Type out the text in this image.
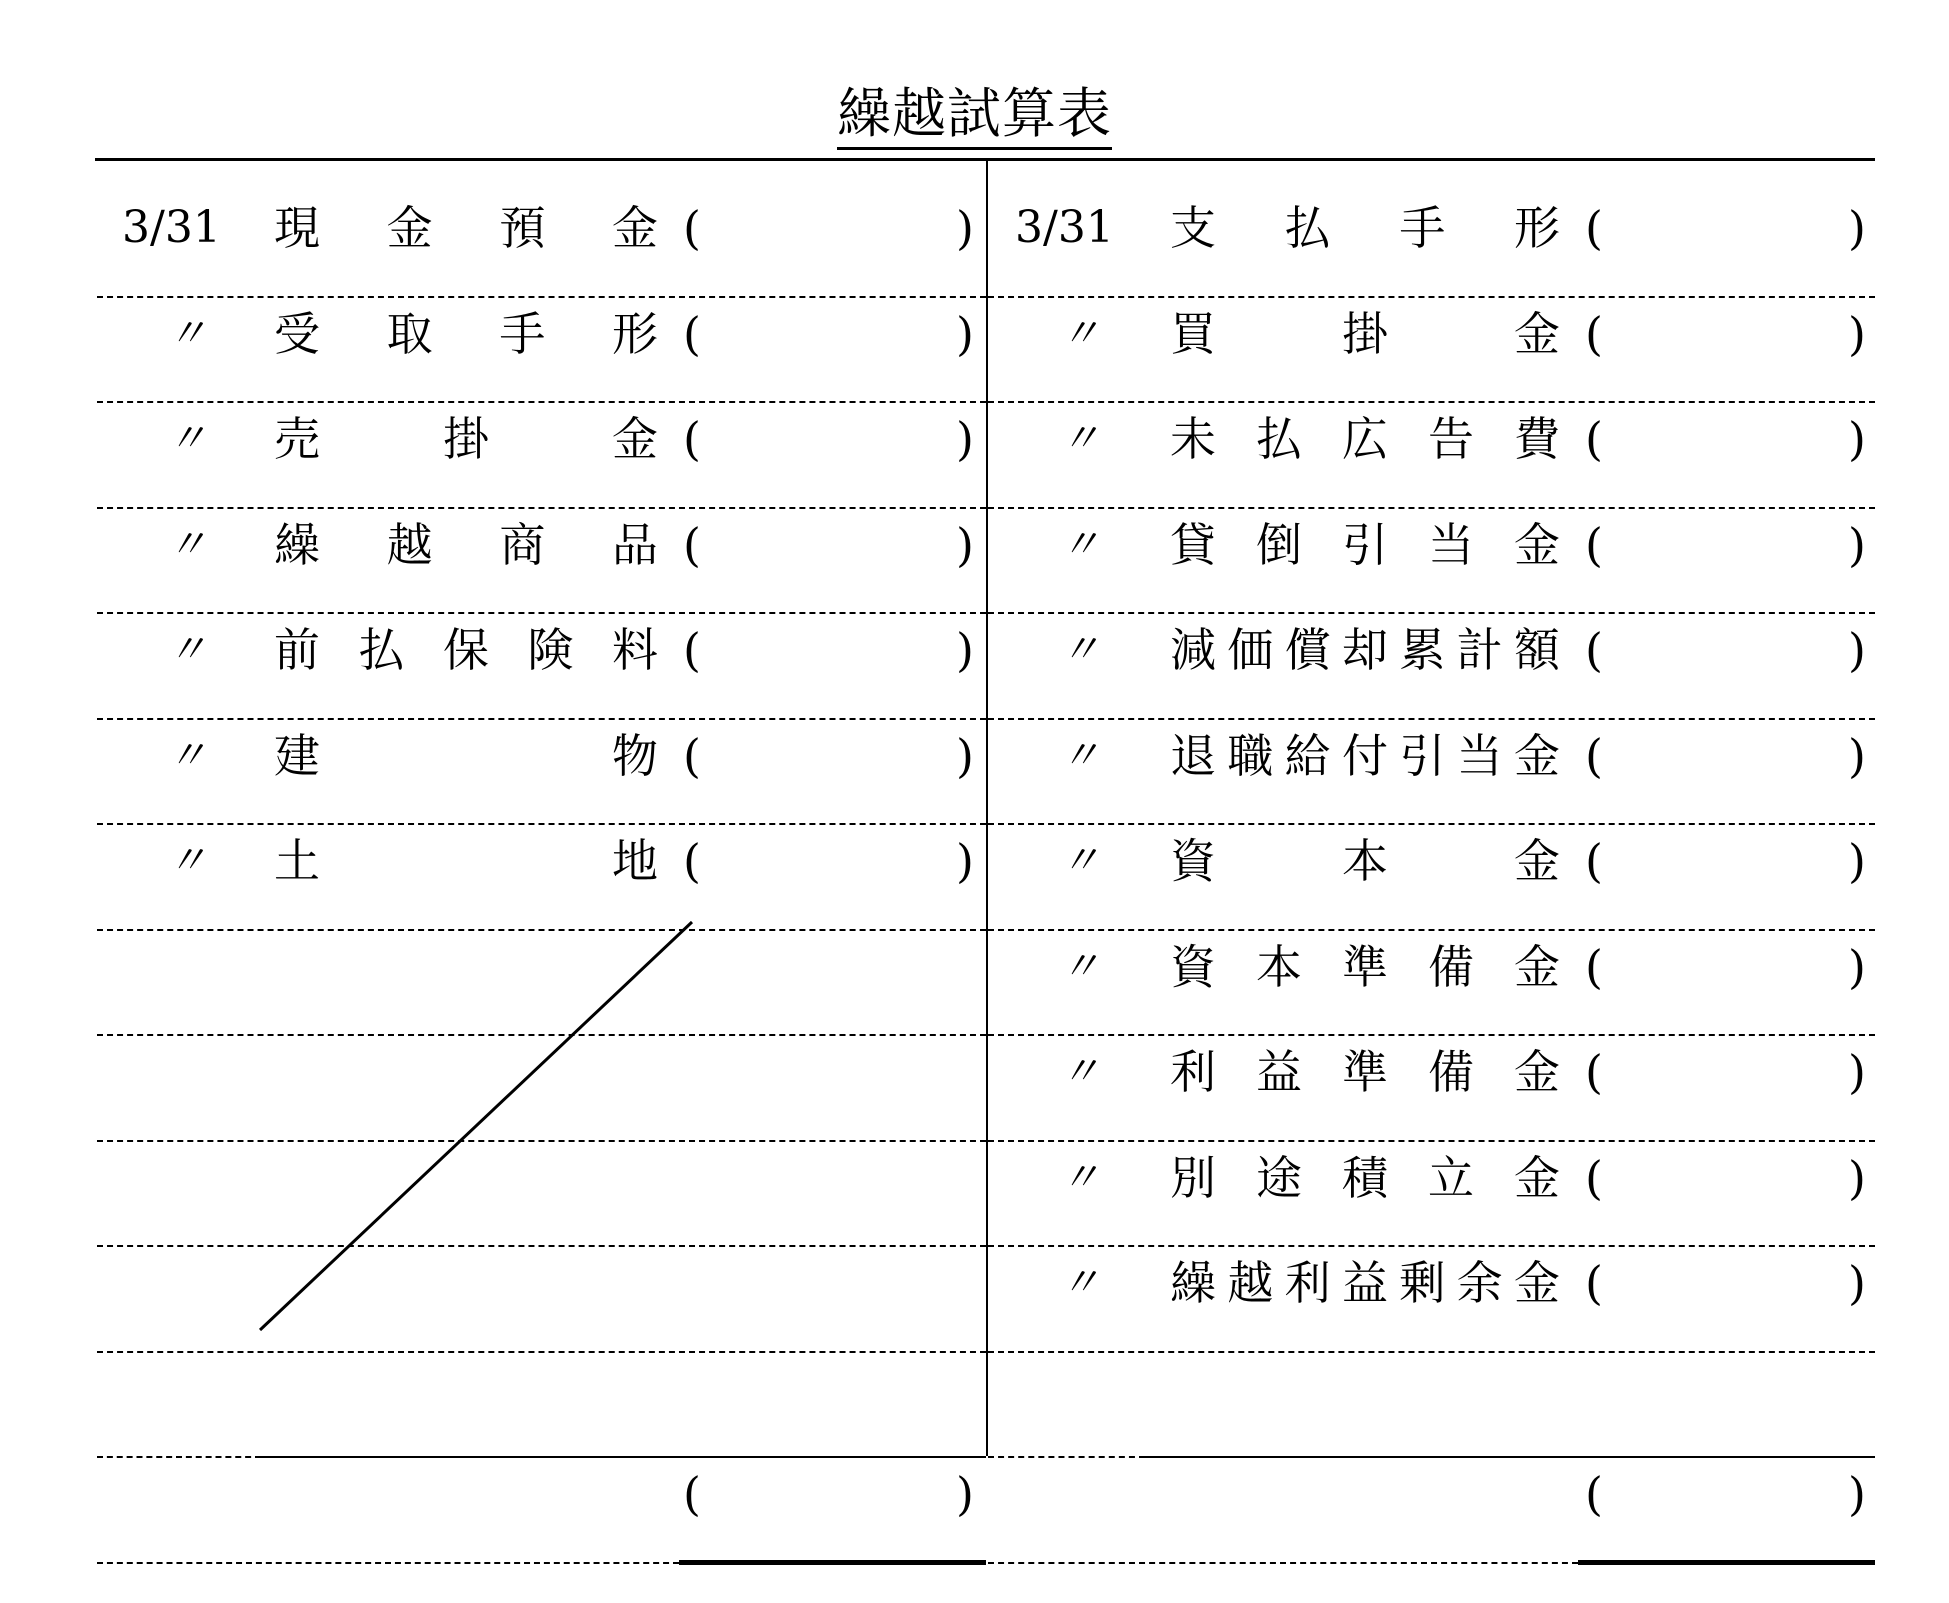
繰越試算表
3/31 現 金 預 金 (	)
〃 受 取 手 形 (	)
〃 売	掛	金 (	)
〃 繰 越 商 品 (	)
〃 前 払 保 険 料 (	)
〃 建	物 (	)
〃 土	地 (	)
(	)
3/31 支 払 手 形 (	)
〃 買	掛	金 (	)
〃 未 払 広 告 費 (	)
〃 貸 倒 引 当 金 (	)
〃 減 価 償 却 累 計 額 (	)
〃 退 職 給 付 引 当 金 (	)
〃 資	本	金 (	)
〃 資 本 準 備 金 (	)
〃 利 益 準 備 金 (	)
〃 別 途 積 立 金 (	)
〃 繰 越 利 益 剰 余 金 (	)
(	)
